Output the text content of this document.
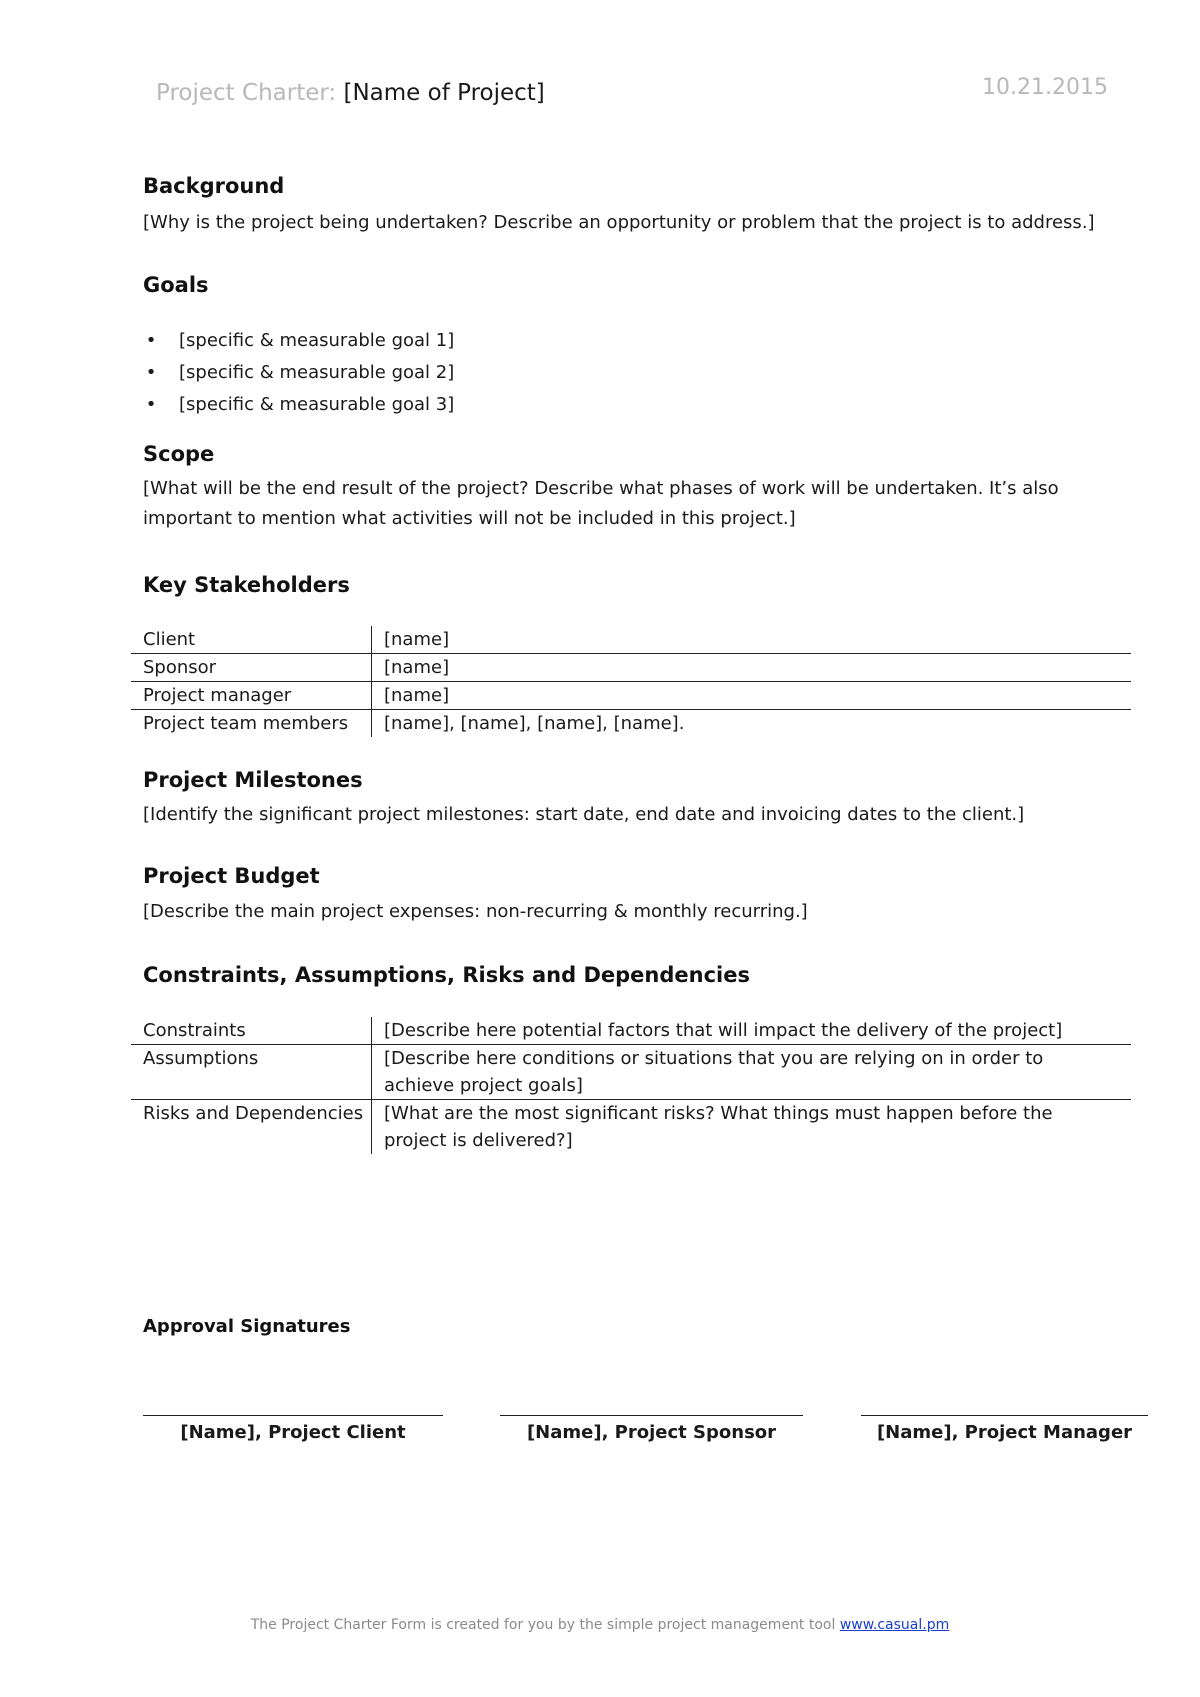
Project Charter: [Name of Project]	10.21.2015
Background
[Why is the project being undertaken? Describe an opportunity or problem that the project is to address.]
Goals
• [specific & measurable goal 1]
• [specific & measurable goal 2]
• [specific & measurable goal 3]
Scope
[What will be the end result of the project? Describe what phases of work will be undertaken. It’s also important to mention what activities will not be included in this project.]
Key Stakeholders
Client	[name]
Sponsor	[name]
Project manager	[name]
Project team members	[name], [name], [name], [name].
Project Milestones
[Identify the significant project milestones: start date, end date and invoicing dates to the client.]
Project Budget
[Describe the main project expenses: non-recurring & monthly recurring.]
Constraints, Assumptions, Risks and Dependencies
Constraints	[Describe here potential factors that will impact the delivery of the project]
Assumptions	[Describe here conditions or situations that you are relying on in order to achieve project goals]
Risks and Dependencies	[What are the most significant risks? What things must happen before the project is delivered?]
Approval Signatures
[Name], Project Client	[Name], Project Sponsor	[Name], Project Manager
The Project Charter Form is created for you by the simple project management tool www.casual.pm
